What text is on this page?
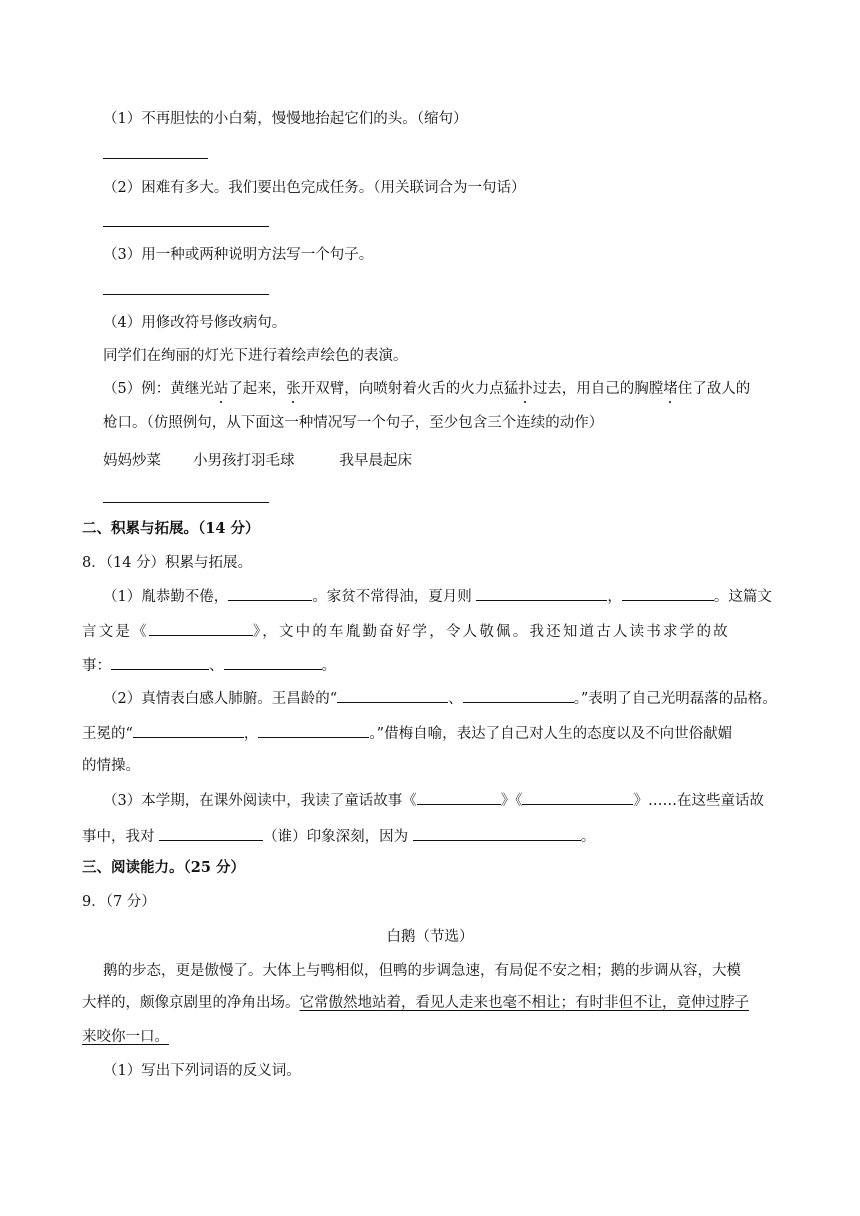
（1）不再胆怯的小白菊，慢慢地抬起它们的头。（缩句）
（2）困难有多大。我们要出色完成任务。（用关联词合为一句话）
（3）用一种或两种说明方法写一个句子。
（4）用修改符号修改病句。
同学们在绚丽的灯光下进行着绘声绘色的表演。
（5）例：黄继光站了起来，张开双臂，向喷射着火舌的火力点猛扑过去，用自己的胸膛堵住了敌人的
枪口。（仿照例句，从下面这一种情况写一个句子，至少包含三个连续的动作）
妈妈炒菜 小男孩打羽毛球	我早晨起床
二、积累与拓展。（14 分）
8．（14 分）积累与拓展。
（1）胤恭勤不倦，	。家贫不常得油，夏月则	，	。这篇文
言文是《	》，文中的车胤勤奋好学，令人敬佩。我还知道古人读书求学的故
事：	、	。
（2）真情表白感人肺腑。王昌龄的“	、	。”表明了自己光明磊落的品格。
王冕的“	，	。”借梅自喻，表达了自己对人生的态度以及不向世俗献媚
的情操。
（3）本学期，在课外阅读中，我读了童话故事《	》《	》……在这些童话故
事中，我对	（谁）印象深刻，因为	。
三、阅读能力。（25 分）
9．（7 分）
白鹅（节选）
鹅的步态，更是傲慢了。大体上与鸭相似，但鸭的步调急速，有局促不安之相；鹅的步调从容，大模
大样的，颇像京剧里的净角出场。它常傲然地站着，看见人走来也毫不相让；有时非但不让，竟伸过脖子
来咬你一口。
（1）写出下列词语的反义词。
